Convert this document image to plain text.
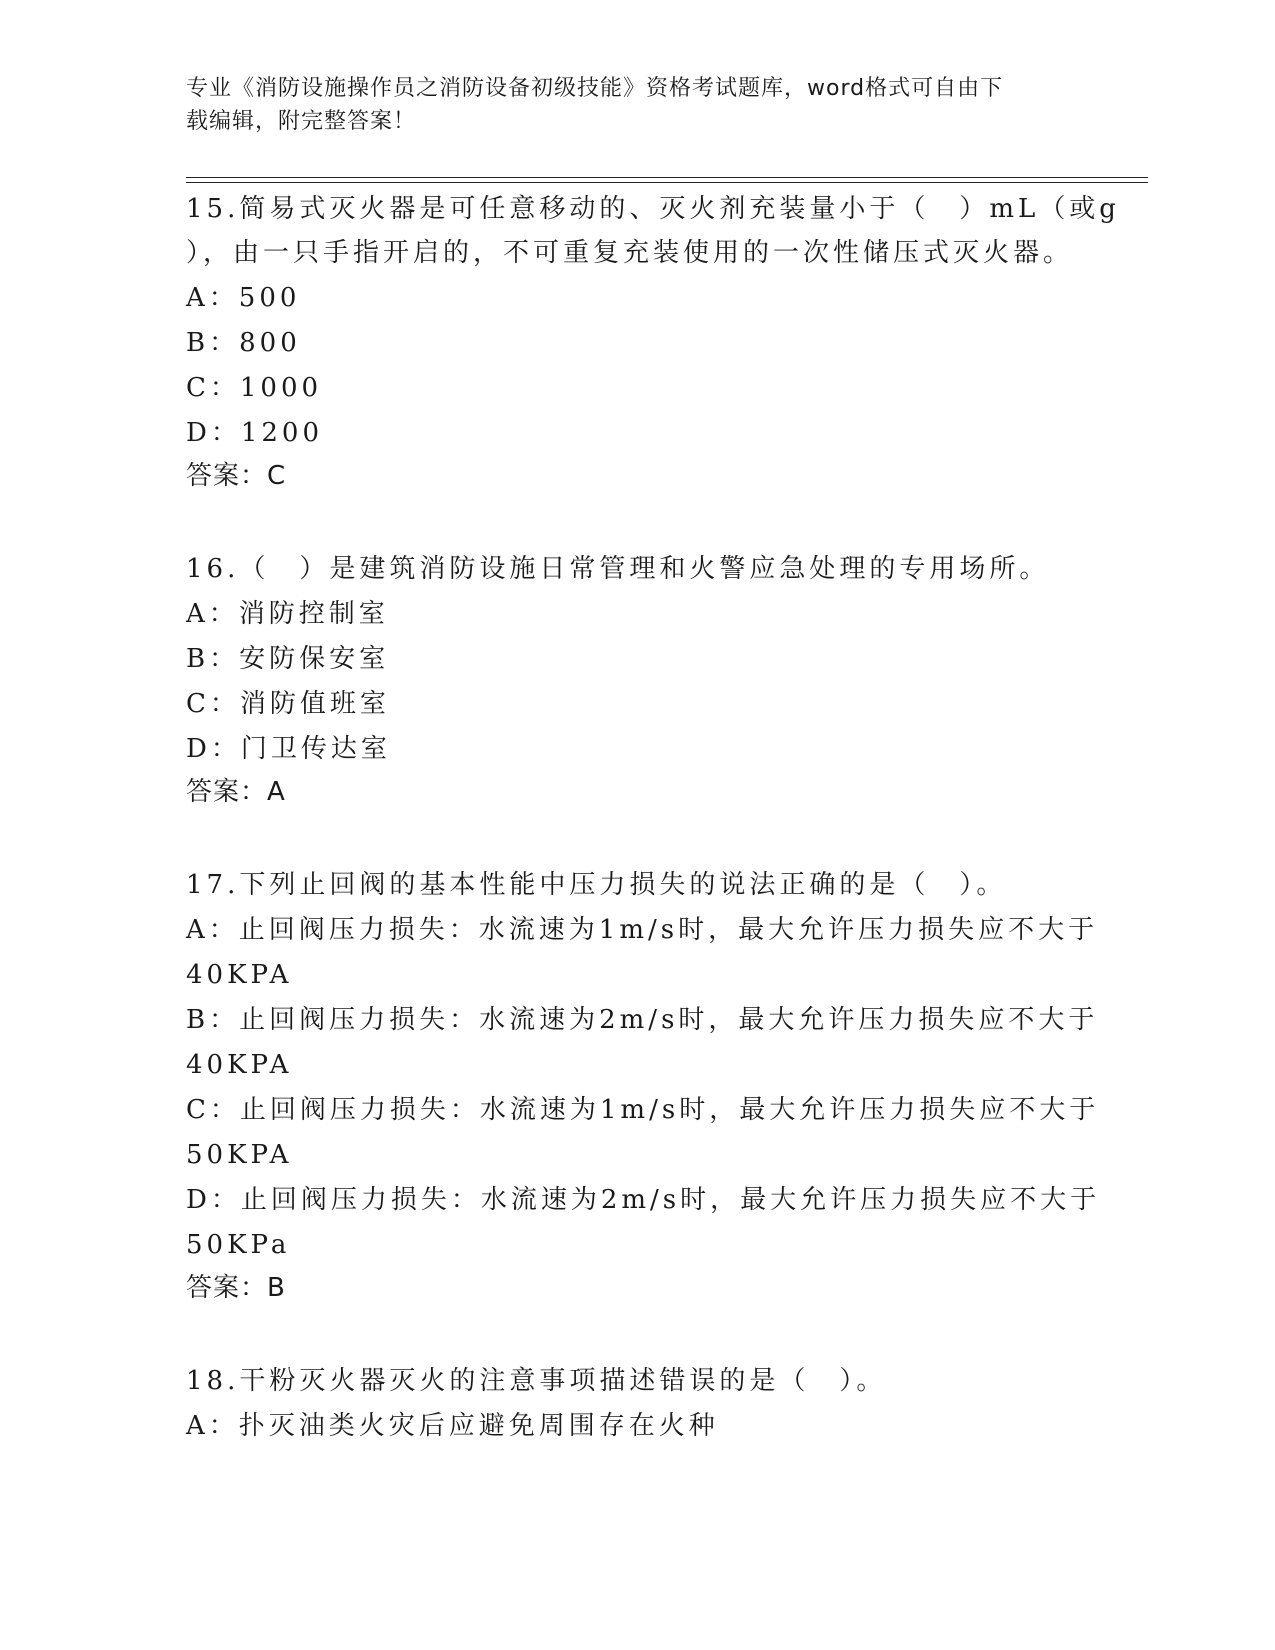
专业《消防设施操作员之消防设备初级技能》资格考试题库，word格式可自由下
载编辑，附完整答案！
15.简易式灭火器是可任意移动的、灭火剂充装量小于（　）mL（或g
），由一只手指开启的，不可重复充装使用的一次性储压式灭火器。
A：500
B：800
C：1000
D：1200
答案：C
16.（　）是建筑消防设施日常管理和火警应急处理的专用场所。
A：消防控制室
B：安防保安室
C：消防值班室
D：门卫传达室
答案：A
17.下列止回阀的基本性能中压力损失的说法正确的是（　）。
A：止回阀压力损失：水流速为1m/s时，最大允许压力损失应不大于
40KPA
B：止回阀压力损失：水流速为2m/s时，最大允许压力损失应不大于
40KPA
C：止回阀压力损失：水流速为1m/s时，最大允许压力损失应不大于
50KPA
D：止回阀压力损失：水流速为2m/s时，最大允许压力损失应不大于
50KPa
答案：B
18.干粉灭火器灭火的注意事项描述错误的是（　）。
A：扑灭油类火灾后应避免周围存在火种
